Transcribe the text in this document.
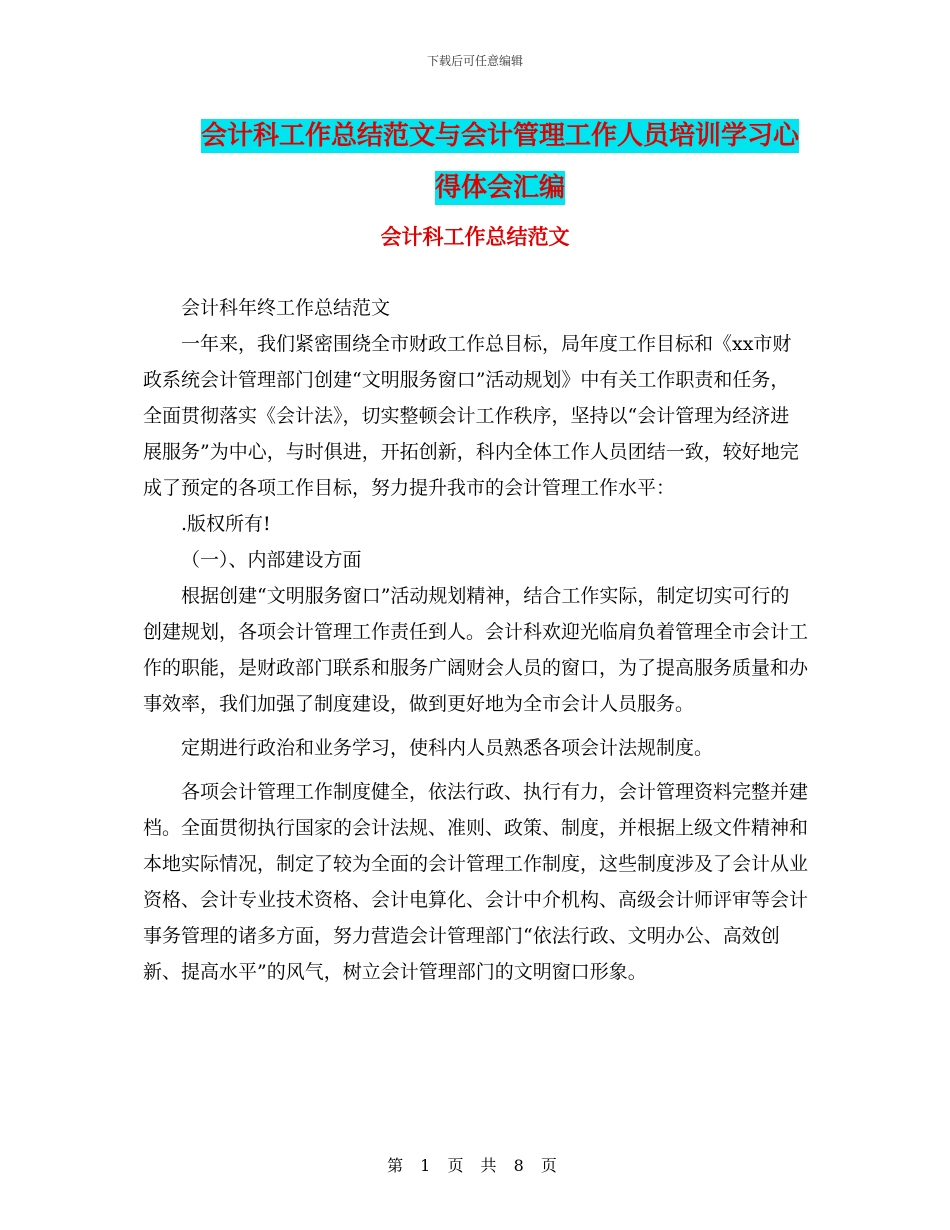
下载后可任意编辑
会计科工作总结范文与会计管理工作人员培训学习心
得体会汇编
会计科工作总结范文

会计科年终工作总结范文

一年来，我们紧密围绕全市财政工作总目标，局年度工作目标和《xx市财政系统会计管理部门创建“文明服务窗口”活动规划》中有关工作职责和任务，全面贯彻落实《会计法》，切实整顿会计工作秩序，坚持以“会计管理为经济进展服务”为中心，与时俱进，开拓创新，科内全体工作人员团结一致，较好地完成了预定的各项工作目标，努力提升我市的会计管理工作水平：

.版权所有!

（一）、内部建设方面

根据创建“文明服务窗口”活动规划精神，结合工作实际，制定切实可行的创建规划，各项会计管理工作责任到人。会计科欢迎光临肩负着管理全市会计工作的职能，是财政部门联系和服务广阔财会人员的窗口，为了提高服务质量和办事效率，我们加强了制度建设，做到更好地为全市会计人员服务。

定期进行政治和业务学习，使科内人员熟悉各项会计法规制度。

各项会计管理工作制度健全，依法行政、执行有力，会计管理资料完整并建档。全面贯彻执行国家的会计法规、准则、政策、制度，并根据上级文件精神和本地实际情况，制定了较为全面的会计管理工作制度，这些制度涉及了会计从业资格、会计专业技术资格、会计电算化、会计中介机构、高级会计师评审等会计事务管理的诸多方面，努力营造会计管理部门“依法行政、文明办公、高效创新、提高水平”的风气，树立会计管理部门的文明窗口形象。

第 1 页 共 8 页
